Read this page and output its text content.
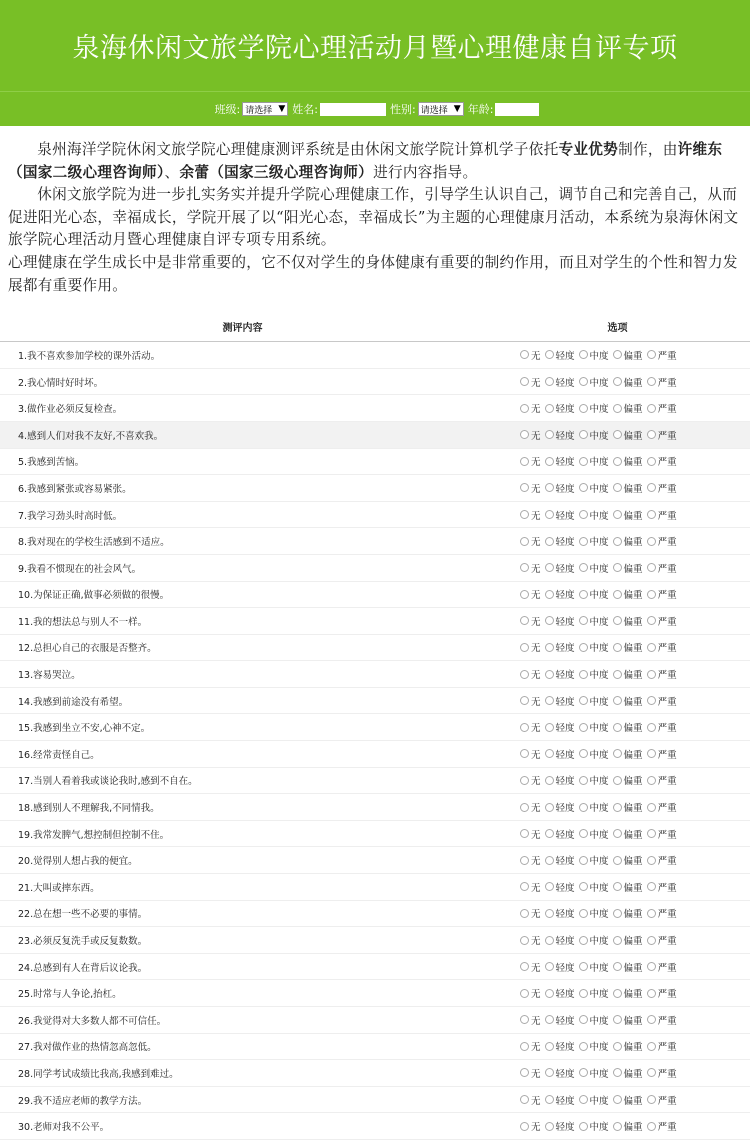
泉海休闲文旅学院心理活动月暨心理健康自评专项
班级: 请选择 ▼ 姓名:	性别: 请选择 ▼ 年龄:

泉州海洋学院休闲文旅学院心理健康测评系统是由休闲文旅学院计算机学子依托专业优势制作，由许维东（国家二级心理咨询师）、余蕾（国家三级心理咨询师）进行内容指导。

休闲文旅学院为进一步扎实务实并提升学院心理健康工作，引导学生认识自己，调节自己和完善自己，从而促进阳光心态，幸福成长，学院开展了以“阳光心态，幸福成长”为主题的心理健康月活动，本系统为泉海休闲文旅学院心理活动月暨心理健康自评专项专用系统。

心理健康在学生成长中是非常重要的，它不仅对学生的身体健康有重要的制约作用，而且对学生的个性和智力发展都有重要作用。

测评内容	选项
1.我不喜欢参加学校的课外活动。	无 轻度 中度 偏重 严重
2.我心情时好时坏。	无 轻度 中度 偏重 严重
3.做作业必须反复检查。	无 轻度 中度 偏重 严重
4.感到人们对我不友好,不喜欢我。	无 轻度 中度 偏重 严重
5.我感到苦恼。	无 轻度 中度 偏重 严重
6.我感到紧张或容易紧张。	无 轻度 中度 偏重 严重
7.我学习劲头时高时低。	无 轻度 中度 偏重 严重
8.我对现在的学校生活感到不适应。	无 轻度 中度 偏重 严重
9.我看不惯现在的社会风气。	无 轻度 中度 偏重 严重
10.为保证正确,做事必须做的很慢。	无 轻度 中度 偏重 严重
11.我的想法总与别人不一样。	无 轻度 中度 偏重 严重
12.总担心自己的衣服是否整齐。	无 轻度 中度 偏重 严重
13.容易哭泣。	无 轻度 中度 偏重 严重
14.我感到前途没有希望。	无 轻度 中度 偏重 严重
15.我感到坐立不安,心神不定。	无 轻度 中度 偏重 严重
16.经常责怪自己。	无 轻度 中度 偏重 严重
17.当别人看着我或谈论我时,感到不自在。	无 轻度 中度 偏重 严重
18.感到别人不理解我,不同情我。	无 轻度 中度 偏重 严重
19.我常发脾气,想控制但控制不住。	无 轻度 中度 偏重 严重
20.觉得别人想占我的便宜。	无 轻度 中度 偏重 严重
21.大叫或摔东西。	无 轻度 中度 偏重 严重
22.总在想一些不必要的事情。	无 轻度 中度 偏重 严重
23.必须反复洗手或反复数数。	无 轻度 中度 偏重 严重
24.总感到有人在背后议论我。	无 轻度 中度 偏重 严重
25.时常与人争论,抬杠。	无 轻度 中度 偏重 严重
26.我觉得对大多数人都不可信任。	无 轻度 中度 偏重 严重
27.我对做作业的热情忽高忽低。	无 轻度 中度 偏重 严重
28.同学考试成绩比我高,我感到难过。	无 轻度 中度 偏重 严重
29.我不适应老师的教学方法。	无 轻度 中度 偏重 严重
30.老师对我不公平。	无 轻度 中度 偏重 严重
